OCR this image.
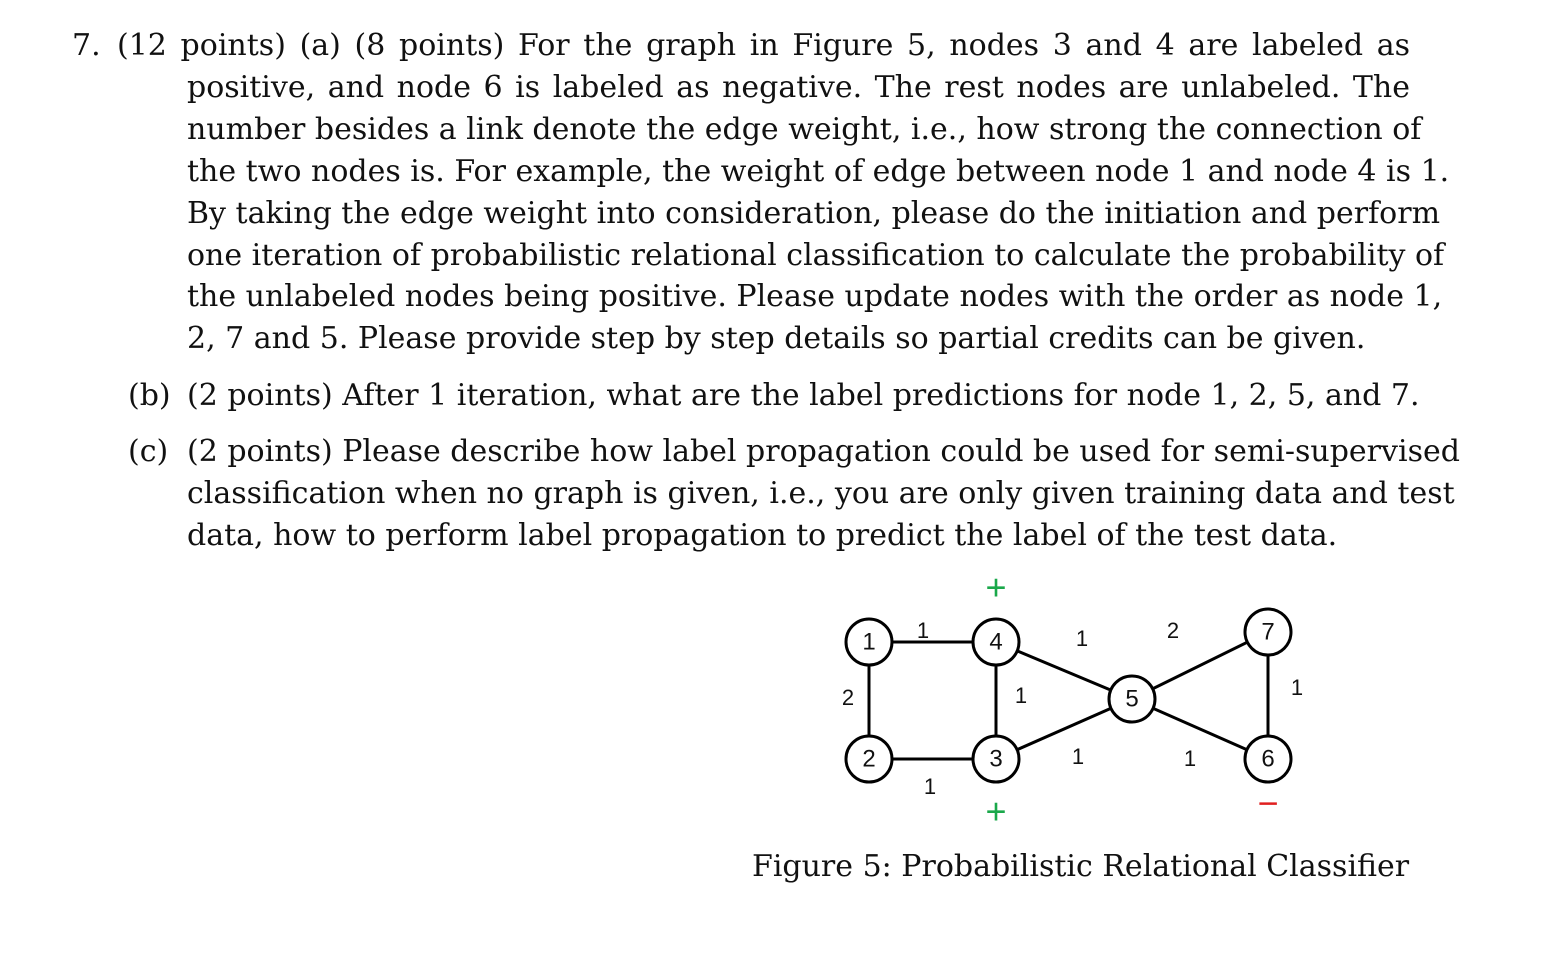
7. (12 points) (a) (8 points) For the graph in Figure 5, nodes 3 and 4 are labeled as
positive, and node 6 is labeled as negative. The rest nodes are unlabeled. The
number besides a link denote the edge weight, i.e., how strong the connection of
the two nodes is. For example, the weight of edge between node 1 and node 4 is 1.
By taking the edge weight into consideration, please do the initiation and perform
one iteration of probabilistic relational classification to calculate the probability of
the unlabeled nodes being positive. Please update nodes with the order as node 1,
2, 7 and 5. Please provide step by step details so partial credits can be given.
(b) (2 points) After 1 iteration, what are the label predictions for node 1, 2, 5, and 7.
(c) (2 points) Please describe how label propagation could be used for semi-supervised
classification when no graph is given, i.e., you are only given training data and test
data, how to perform label propagation to predict the label of the test data.
1
2
1
1
1
1
2
1
1
1
2	3
4
5
6
7
+
+
−
Figure 5: Probabilistic Relational Classifier
